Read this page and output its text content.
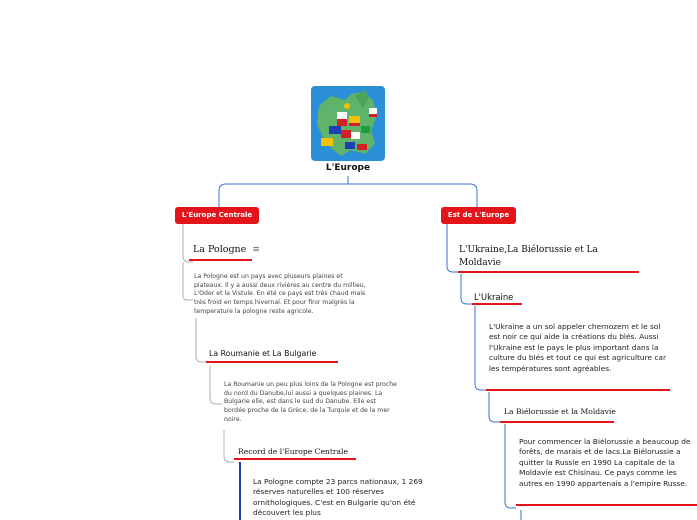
L'Europe
L'Europe Centrale	Est de L'Europe
La Pologne ≡
La Pologne est un pays avec pluseurs plaines et plateaux. Il y a aussi deux rivières au centre du millieu, L'Oder et la Vistule. En été ce pays est très chaud mais très froid en temps hivernal. Et pour finir malgrès la temperature la pologne reste agricole.
La Roumanie et La Bulgarie
La Roumanie un peu plus loins de la Pologne est proche du nord du Danube,lui aussi a quelques plaines. La Bulgarie elle, est dans le sud du Danube. Elle est bordée proche de la Grèce, de la Turquie et de la mer noire.
Record de l'Europe Centrale
La Pologne compte 23 parcs nationaux, 1 269 réserves naturelles et 100 réserves ornithologiques. C'est en Bulgarie qu'on été découvert les plus
L'Ukraine,La Biélorussie et La Moldavie
L'Ukraine
L'Ukraine a un sol appeler chernozem et le sol est noir ce qui aide la créations du blés. Aussi l'Ukraine est le pays le plus important dans la culture du blés et tout ce qui est agriculture car les températures sont agréables.
La Biélorussie et la Moldavie
Pour commencer la Biélorussie a beaucoup de forêts, de marais et de lacs.La Biélorussie a quitter la Russie en 1990 La capitale de la Moldavie est Chisinau. Ce pays comme les autres en 1990 appartenais a l'empire Russe.
